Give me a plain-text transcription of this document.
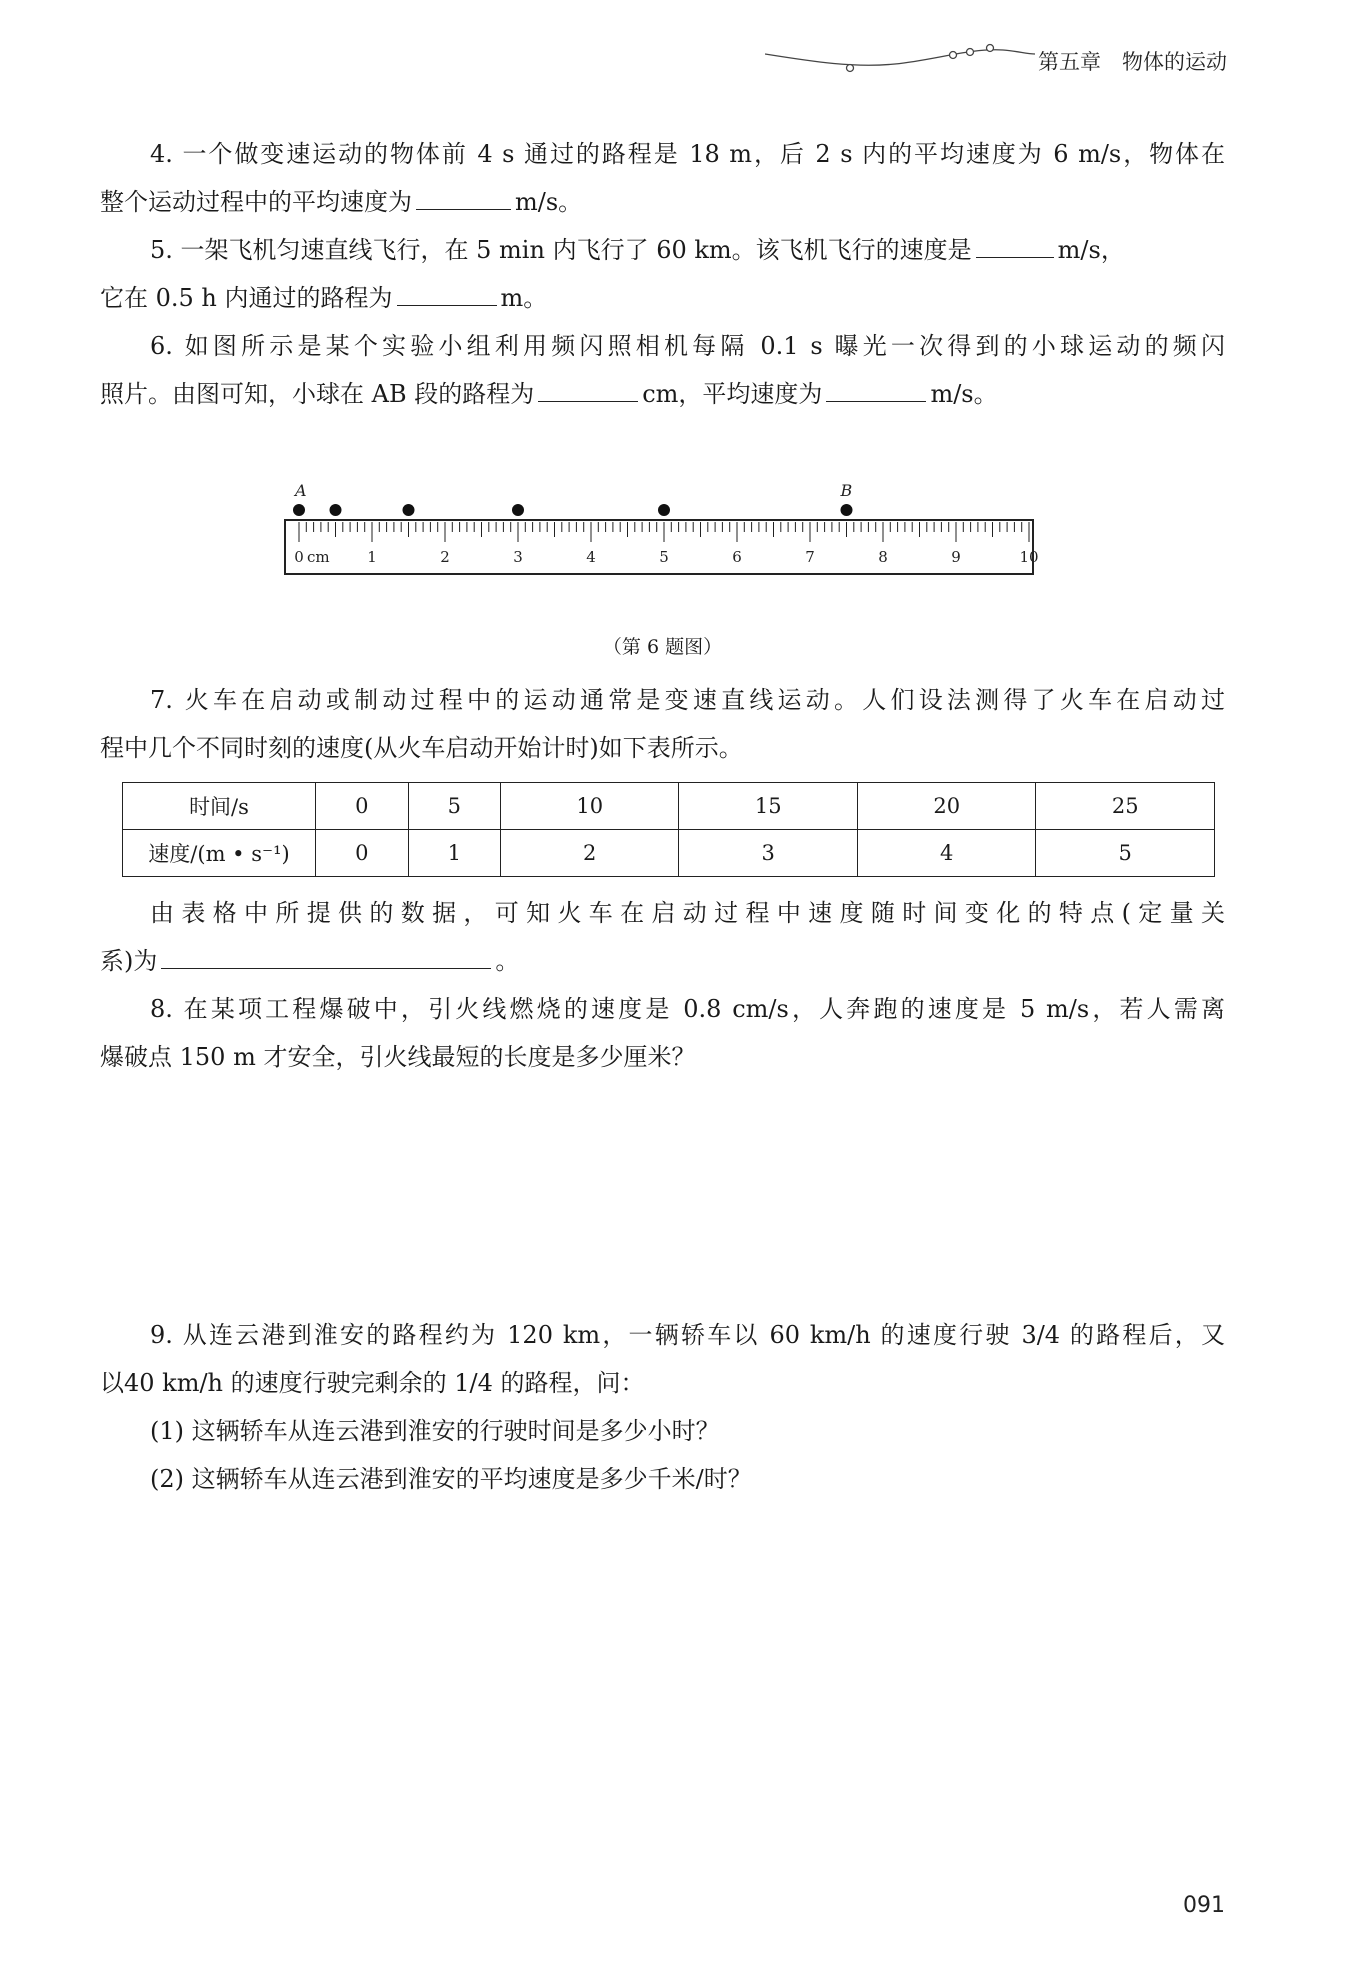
第五章　物体的运动

4. 一个做变速运动的物体前 4 s 通过的路程是 18 m，后 2 s 内的平均速度为 6 m/s，物体在

整个运动过程中的平均速度为	m/s。

5. 一架飞机匀速直线飞行，在 5 min 内飞行了 60 km。该飞机飞行的速度是	m/s，

它在 0.5 h 内通过的路程为	m。

6. 如图所示是某个实验小组利用频闪照相机每隔 0.1 s 曝光一次得到的小球运动的频闪

照片。由图可知，小球在 AB 段的路程为	cm，平均速度为	m/s。

0	1	2	3	4	5	6	7	8	9	10
A	B
cm
（第 6 题图）

7. 火车在启动或制动过程中的运动通常是变速直线运动。人们设法测得了火车在启动过

程中几个不同时刻的速度(从火车启动开始计时)如下表所示。

时间/s	0	5	10	15	20	25
速度/(m • s⁻¹)	0	1	2	3	4	5

由表格中所提供的数据，可知火车在启动过程中速度随时间变化的特点(定量关

系)为	。

8. 在某项工程爆破中，引火线燃烧的速度是 0.8 cm/s，人奔跑的速度是 5 m/s，若人需离

爆破点 150 m 才安全，引火线最短的长度是多少厘米？

9. 从连云港到淮安的路程约为 120 km，一辆轿车以 60 km/h 的速度行驶 3/4 的路程后，又

以40 km/h 的速度行驶完剩余的 1/4 的路程，问：

(1) 这辆轿车从连云港到淮安的行驶时间是多少小时？

(2) 这辆轿车从连云港到淮安的平均速度是多少千米/时？

091
